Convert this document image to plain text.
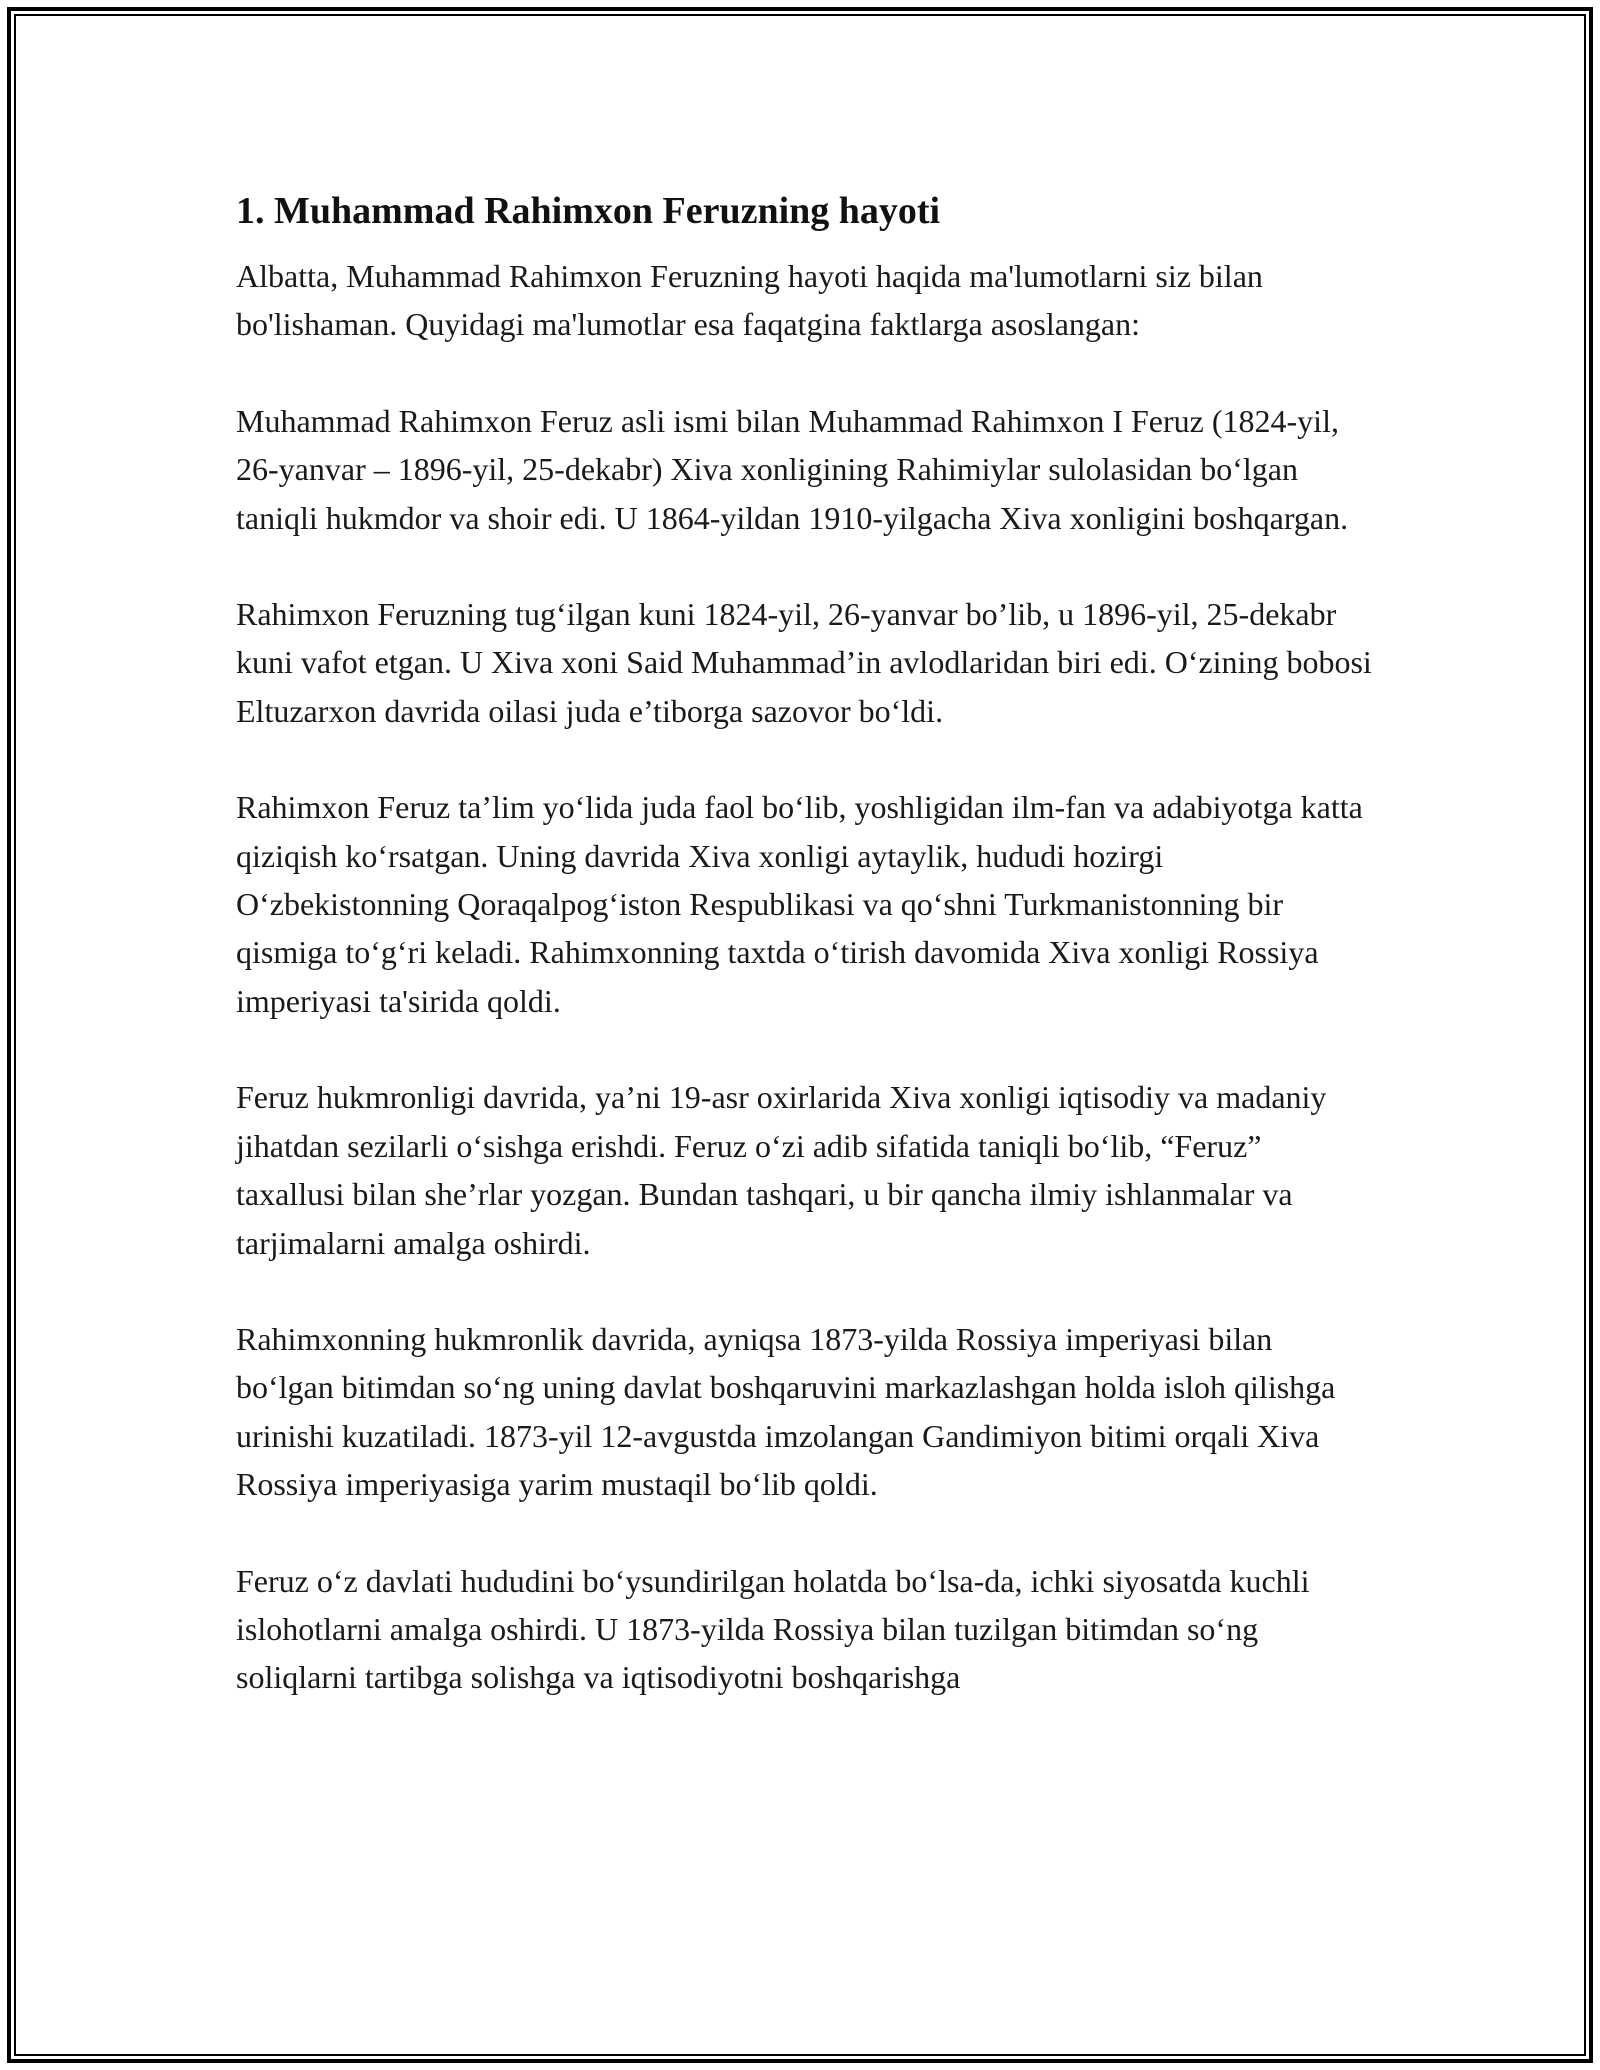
1. Muhammad Rahimxon Feruzning hayoti

Albatta, Muhammad Rahimxon Feruzning hayoti haqida ma'lumotlarni siz bilan bo'lishaman. Quyidagi ma'lumotlar esa faqatgina faktlarga asoslangan:

Muhammad Rahimxon Feruz asli ismi bilan Muhammad Rahimxon I Feruz (1824-yil, 26-yanvar – 1896-yil, 25-dekabr) Xiva xonligining Rahimiylar sulolasidan bo‘lgan taniqli hukmdor va shoir edi. U 1864-yildan 1910-yilgacha Xiva xonligini boshqargan.

Rahimxon Feruzning tug‘ilgan kuni 1824-yil, 26-yanvar bo’lib, u 1896-yil, 25-dekabr kuni vafot etgan. U Xiva xoni Said Muhammad’in avlodlaridan biri edi. O‘zining bobosi Eltuzarxon davrida oilasi juda e’tiborga sazovor bo‘ldi.

Rahimxon Feruz ta’lim yo‘lida juda faol bo‘lib, yoshligidan ilm-fan va adabiyotga katta qiziqish ko‘rsatgan. Uning davrida Xiva xonligi aytaylik, hududi hozirgi O‘zbekistonning Qoraqalpog‘iston Respublikasi va qo‘shni Turkmanistonning bir qismiga to‘g‘ri keladi. Rahimxonning taxtda o‘tirish davomida Xiva xonligi Rossiya imperiyasi ta'sirida qoldi.

Feruz hukmronligi davrida, ya’ni 19-asr oxirlarida Xiva xonligi iqtisodiy va madaniy jihatdan sezilarli o‘sishga erishdi. Feruz o‘zi adib sifatida taniqli bo‘lib, “Feruz” taxallusi bilan she’rlar yozgan. Bundan tashqari, u bir qancha ilmiy ishlanmalar va tarjimalarni amalga oshirdi.

Rahimxonning hukmronlik davrida, ayniqsa 1873-yilda Rossiya imperiyasi bilan bo‘lgan bitimdan so‘ng uning davlat boshqaruvini markazlashgan holda isloh qilishga urinishi kuzatiladi. 1873-yil 12-avgustda imzolangan Gandimiyon bitimi orqali Xiva Rossiya imperiyasiga yarim mustaqil bo‘lib qoldi.

Feruz o‘z davlati hududini bo‘ysundirilgan holatda bo‘lsa-da, ichki siyosatda kuchli islohotlarni amalga oshirdi. U 1873-yilda Rossiya bilan tuzilgan bitimdan so‘ng soliqlarni tartibga solishga va iqtisodiyotni boshqarishga
